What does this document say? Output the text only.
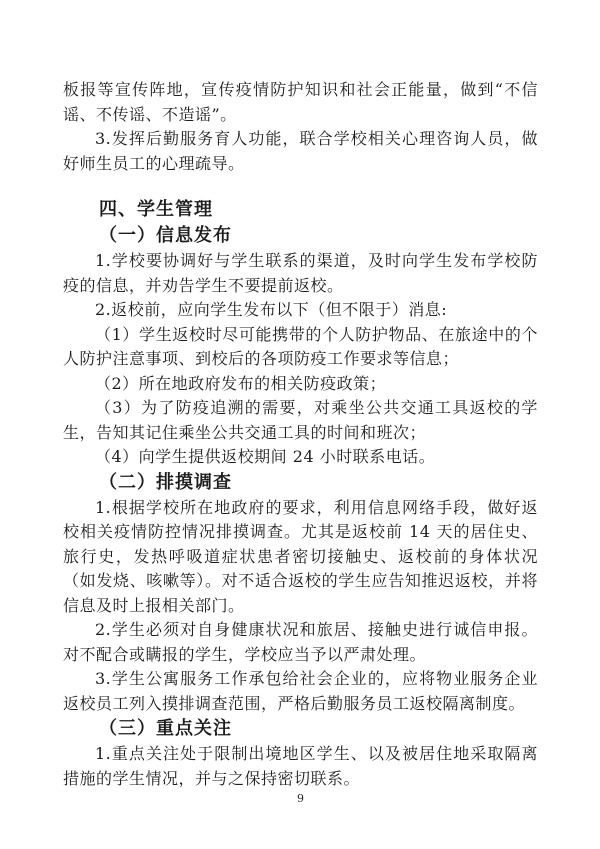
板报等宣传阵地，宣传疫情防护知识和社会正能量，做到“不信谣、不传谣、不造谣”。

3.发挥后勤服务育人功能，联合学校相关心理咨询人员，做好师生员工的心理疏导。

四、学生管理

（一）信息发布

1.学校要协调好与学生联系的渠道，及时向学生发布学校防疫的信息，并劝告学生不要提前返校。

2.返校前，应向学生发布以下（但不限于）消息:

（1）学生返校时尽可能携带的个人防护物品、在旅途中的个人防护注意事项、到校后的各项防疫工作要求等信息；

（2）所在地政府发布的相关防疫政策；

（3）为了防疫追溯的需要，对乘坐公共交通工具返校的学生，告知其记住乘坐公共交通工具的时间和班次；

（4）向学生提供返校期间 24 小时联系电话。

（二）排摸调查

1.根据学校所在地政府的要求，利用信息网络手段，做好返校相关疫情防控情况排摸调查。尤其是返校前 14 天的居住史、旅行史，发热呼吸道症状患者密切接触史、返校前的身体状况（如发烧、咳嗽等）。对不适合返校的学生应告知推迟返校，并将信息及时上报相关部门。

2.学生必须对自身健康状况和旅居、接触史进行诚信申报。对不配合或瞒报的学生，学校应当予以严肃处理。

3.学生公寓服务工作承包给社会企业的，应将物业服务企业返校员工列入摸排调查范围，严格后勤服务员工返校隔离制度。

（三）重点关注

1.重点关注处于限制出境地区学生、以及被居住地采取隔离措施的学生情况，并与之保持密切联系。

9
